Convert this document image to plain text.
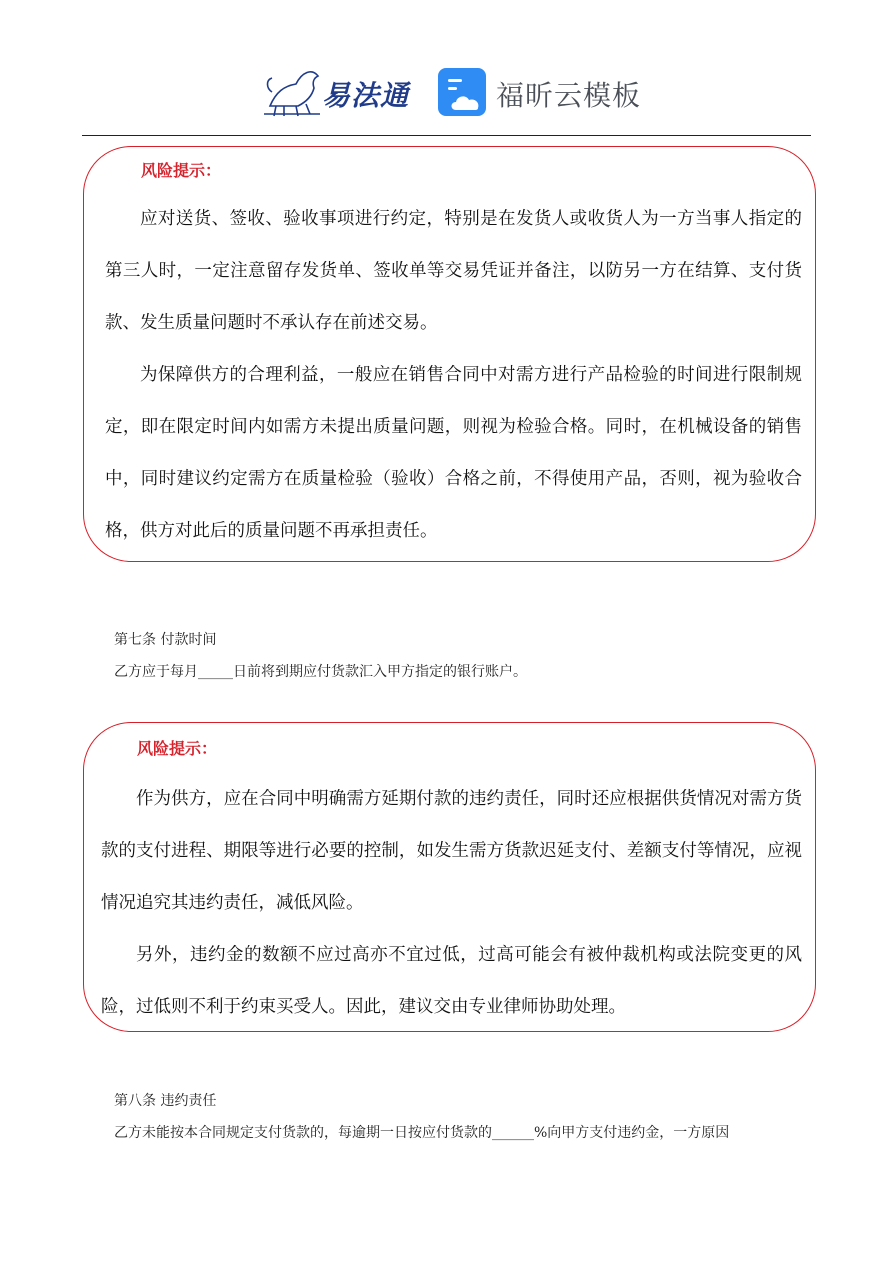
易法通	福昕云模板
风险提示：

应对送货、签收、验收事项进行约定，特别是在发货人或收货人为一方当事人指定的第三人时，一定注意留存发货单、签收单等交易凭证并备注，以防另一方在结算、支付货款、发生质量问题时不承认存在前述交易。

为保障供方的合理利益，一般应在销售合同中对需方进行产品检验的时间进行限制规定，即在限定时间内如需方未提出质量问题，则视为检验合格。同时，在机械设备的销售中，同时建议约定需方在质量检验（验收）合格之前，不得使用产品，否则，视为验收合格，供方对此后的质量问题不再承担责任。

第七条 付款时间
乙方应于每月_____日前将到期应付货款汇入甲方指定的银行账户。
风险提示：

作为供方，应在合同中明确需方延期付款的违约责任，同时还应根据供货情况对需方货款的支付进程、期限等进行必要的控制，如发生需方货款迟延支付、差额支付等情况，应视情况追究其违约责任，减低风险。

另外，违约金的数额不应过高亦不宜过低，过高可能会有被仲裁机构或法院变更的风险，过低则不利于约束买受人。因此，建议交由专业律师协助处理。

第八条 违约责任
乙方未能按本合同规定支付货款的，每逾期一日按应付货款的______%向甲方支付违约金，一方原因
